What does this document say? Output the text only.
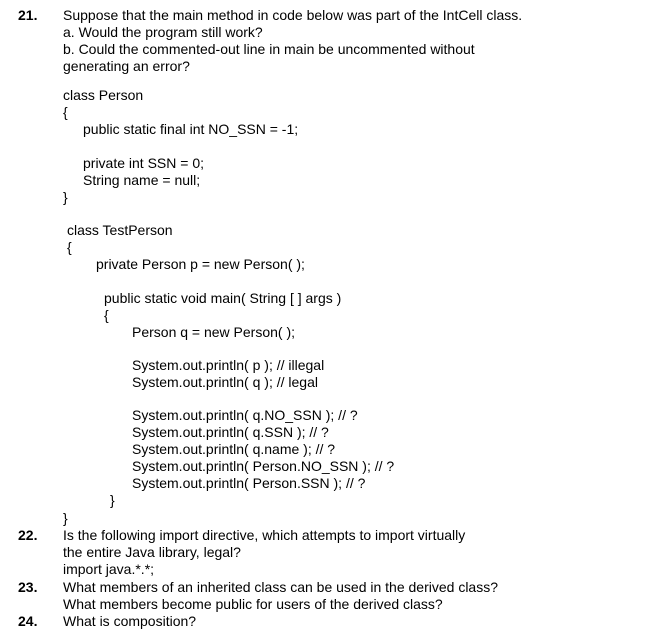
21. Suppose that the main method in code below was part of the IntCell class.
a. Would the program still work?
b. Could the commented-out line in main be uncommented without
generating an error?
class Person
{
public static final int NO_SSN = -1;
private int SSN = 0;
String name = null;
}
class TestPerson
{
private Person p = new Person( );
public static void main( String [ ] args )
{
Person q = new Person( );
System.out.println( p ); // illegal
System.out.println( q ); // legal
System.out.println( q.NO_SSN ); // ?
System.out.println( q.SSN ); // ?
System.out.println( q.name ); // ?
System.out.println( Person.NO_SSN ); // ?
System.out.println( Person.SSN ); // ?
}
}
22. Is the following import directive, which attempts to import virtually
the entire Java library, legal?
import java.*.*;
23. What members of an inherited class can be used in the derived class?
What members become public for users of the derived class?
24. What is composition?
